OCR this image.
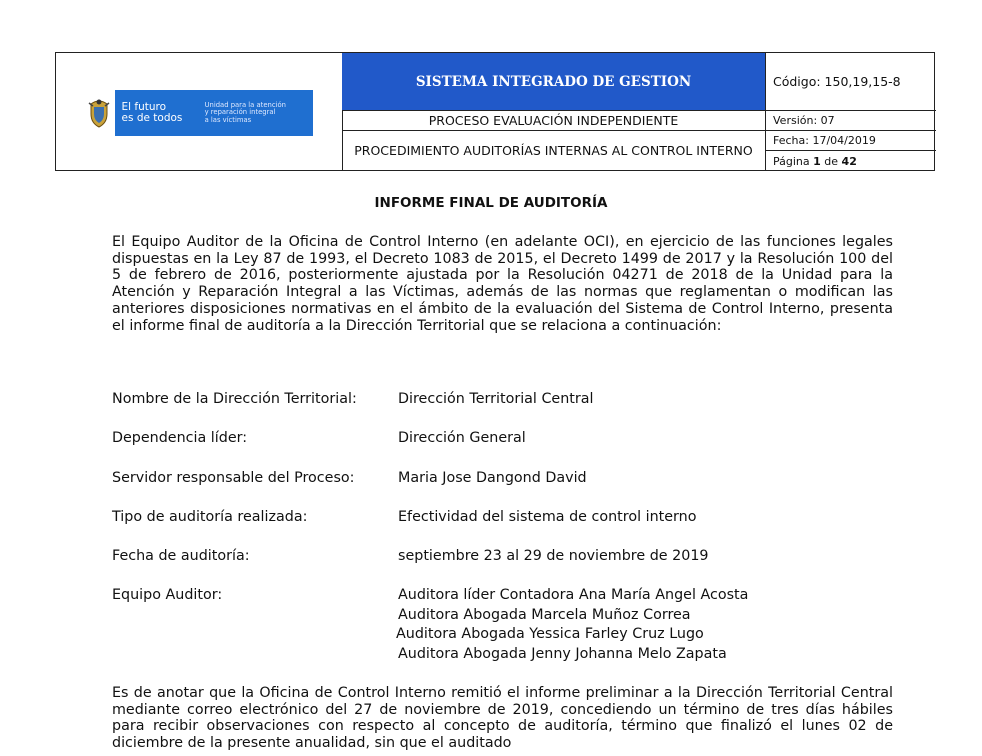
El futuro
es de todos
Unidad para la atención
y reparación integral
a las víctimas
SISTEMA INTEGRADO DE GESTION
PROCESO EVALUACIÓN INDEPENDIENTE
PROCEDIMIENTO AUDITORÍAS INTERNAS AL CONTROL INTERNO
Código: 150,19,15-8
Versión: 07
Fecha: 17/04/2019
Página 1 de 42
INFORME FINAL DE AUDITORÍA
El Equipo Auditor de la Oficina de Control Interno (en adelante OCI), en ejercicio de las funciones legales dispuestas en la Ley 87 de 1993, el Decreto 1083 de 2015, el Decreto 1499 de 2017 y la Resolución 100 del 5 de febrero de 2016, posteriormente ajustada por la Resolución 04271 de 2018 de la Unidad para la Atención y Reparación Integral a las Víctimas, además de las normas que reglamentan o modifican las anteriores disposiciones normativas en el ámbito de la evaluación del Sistema de Control Interno, presenta el informe final de auditoría a la Dirección Territorial que se relaciona a continuación:
Nombre de la Dirección Territorial:	Dirección Territorial Central
Dependencia líder:	Dirección General
Servidor responsable del Proceso:	Maria Jose Dangond David
Tipo de auditoría realizada:	Efectividad del sistema de control interno
Fecha de auditoría:	septiembre 23 al 29 de noviembre de 2019
Equipo Auditor:	Auditora líder Contadora Ana María Angel Acosta
Auditora Abogada Marcela Muñoz Correa
Auditora Abogada Yessica Farley Cruz Lugo
Auditora Abogada Jenny Johanna Melo Zapata
Es de anotar que la Oficina de Control Interno remitió el informe preliminar a la Dirección Territorial Central mediante correo electrónico del 27 de noviembre de 2019, concediendo un término de tres días hábiles para recibir observaciones con respecto al concepto de auditoría, término que finalizó el lunes 02 de diciembre de la presente anualidad, sin que el auditado
